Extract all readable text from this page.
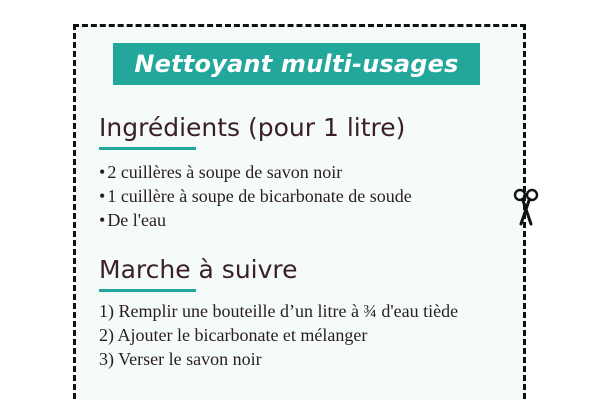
Nettoyant multi-usages
Ingrédients (pour 1 litre)
• 2 cuillères à soupe de savon noir
• 1 cuillère à soupe de bicarbonate de soude
• De l'eau
Marche à suivre
1) Remplir une bouteille d’un litre à ¾ d'eau tiède
2) Ajouter le bicarbonate et mélanger
3) Verser le savon noir
